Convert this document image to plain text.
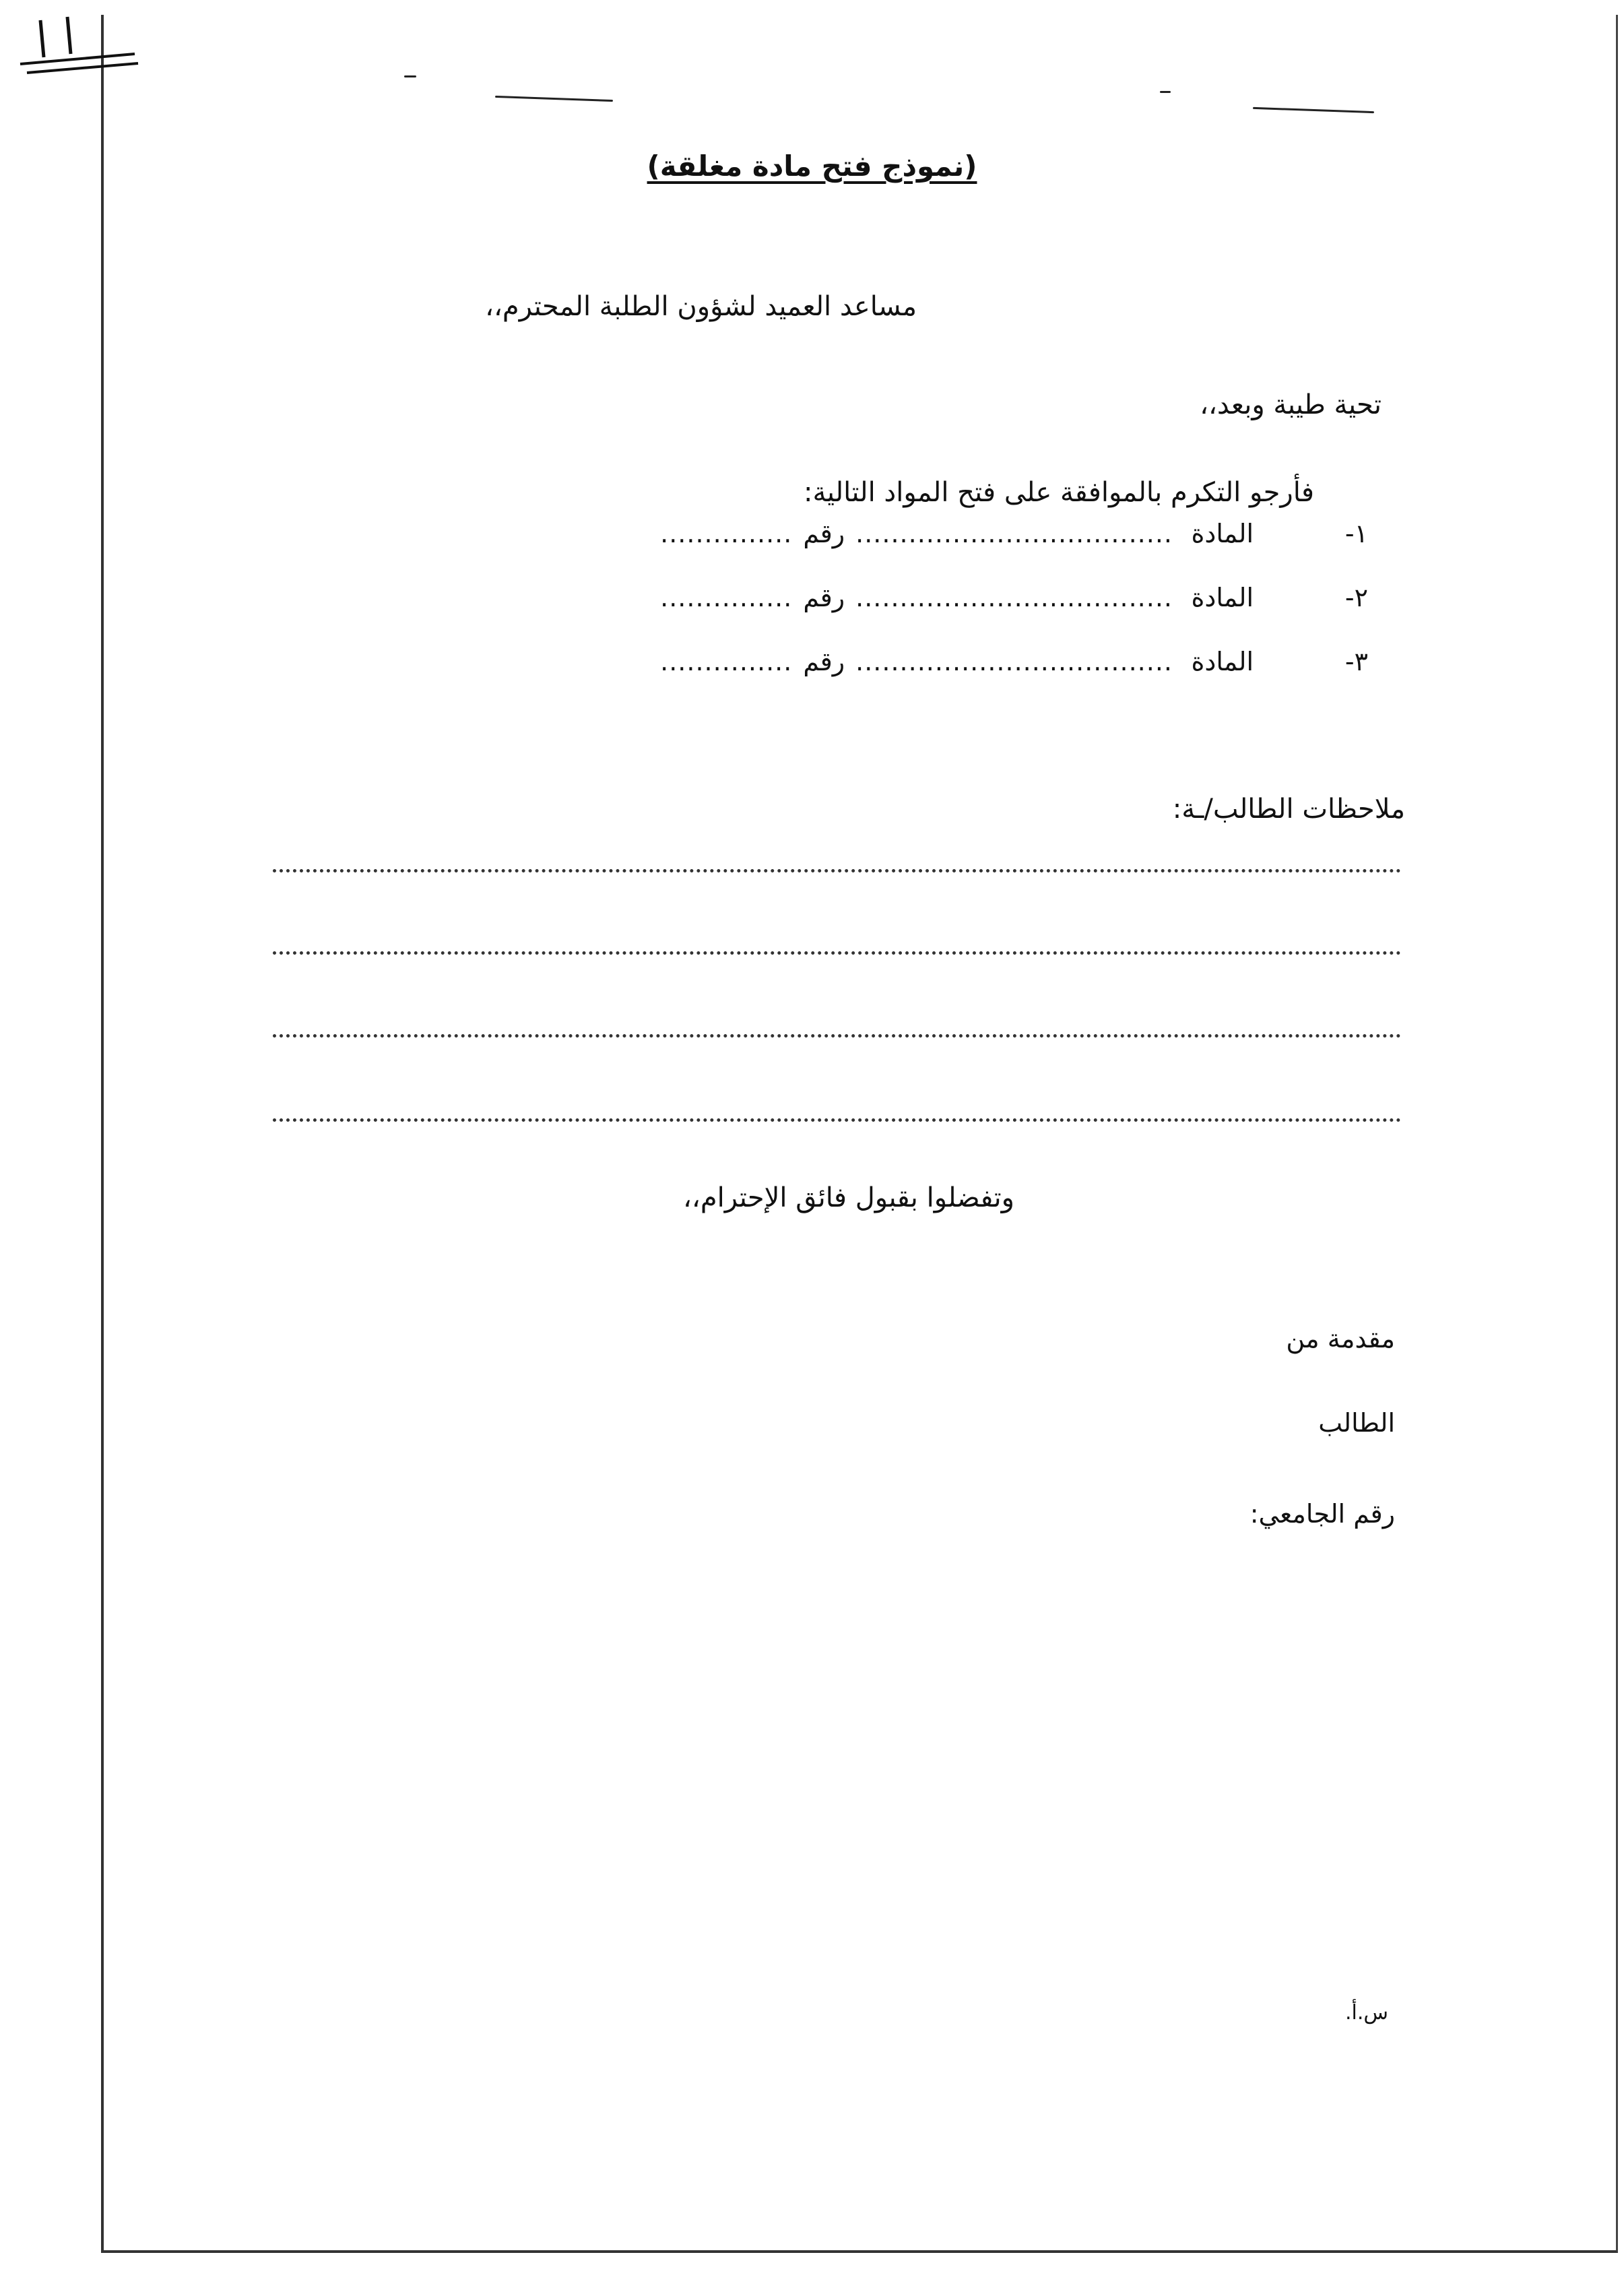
(نموذج فتح مادة مغلقة)
مساعد العميد لشؤون الطلبة المحترم،،
تحية طيبة وبعد،،
فأرجو التكرم بالموافقة على فتح المواد التالية:
١-
المادة
....................................
رقم
...............
٢-
المادة
....................................
رقم
...............
٣-
المادة
....................................
رقم
...............
ملاحظات الطالب/ـة:
وتفضلوا بقبول فائق الإحترام،،
مقدمة من
الطالب
رقم الجامعي:
س.أ.
